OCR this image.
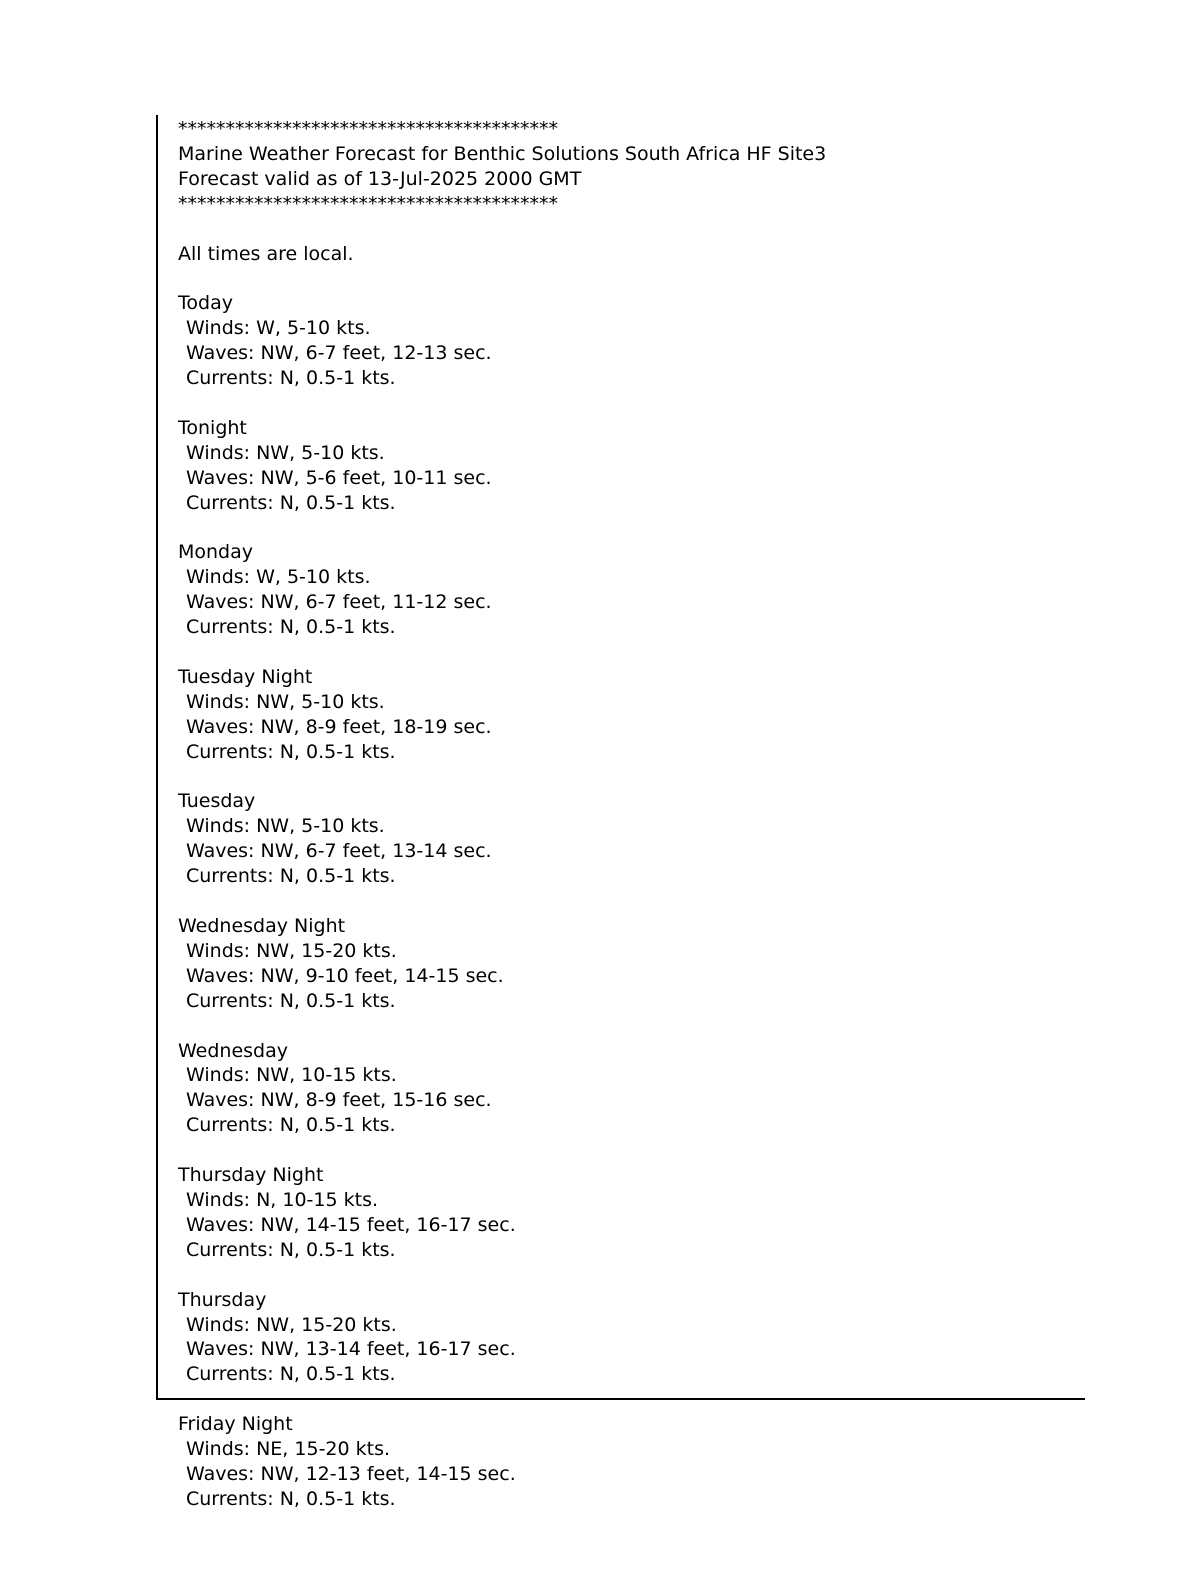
****************************************
Marine Weather Forecast for Benthic Solutions South Africa HF Site3
Forecast valid as of 13-Jul-2025 2000 GMT
****************************************
All times are local.
Today
Winds: W, 5-10 kts.
Waves: NW, 6-7 feet, 12-13 sec.
Currents: N, 0.5-1 kts.
Tonight
Winds: NW, 5-10 kts.
Waves: NW, 5-6 feet, 10-11 sec.
Currents: N, 0.5-1 kts.
Monday
Winds: W, 5-10 kts.
Waves: NW, 6-7 feet, 11-12 sec.
Currents: N, 0.5-1 kts.
Tuesday Night
Winds: NW, 5-10 kts.
Waves: NW, 8-9 feet, 18-19 sec.
Currents: N, 0.5-1 kts.
Tuesday
Winds: NW, 5-10 kts.
Waves: NW, 6-7 feet, 13-14 sec.
Currents: N, 0.5-1 kts.
Wednesday Night
Winds: NW, 15-20 kts.
Waves: NW, 9-10 feet, 14-15 sec.
Currents: N, 0.5-1 kts.
Wednesday
Winds: NW, 10-15 kts.
Waves: NW, 8-9 feet, 15-16 sec.
Currents: N, 0.5-1 kts.
Thursday Night
Winds: N, 10-15 kts.
Waves: NW, 14-15 feet, 16-17 sec.
Currents: N, 0.5-1 kts.
Thursday
Winds: NW, 15-20 kts.
Waves: NW, 13-14 feet, 16-17 sec.
Currents: N, 0.5-1 kts.
Friday Night
Winds: NE, 15-20 kts.
Waves: NW, 12-13 feet, 14-15 sec.
Currents: N, 0.5-1 kts.
